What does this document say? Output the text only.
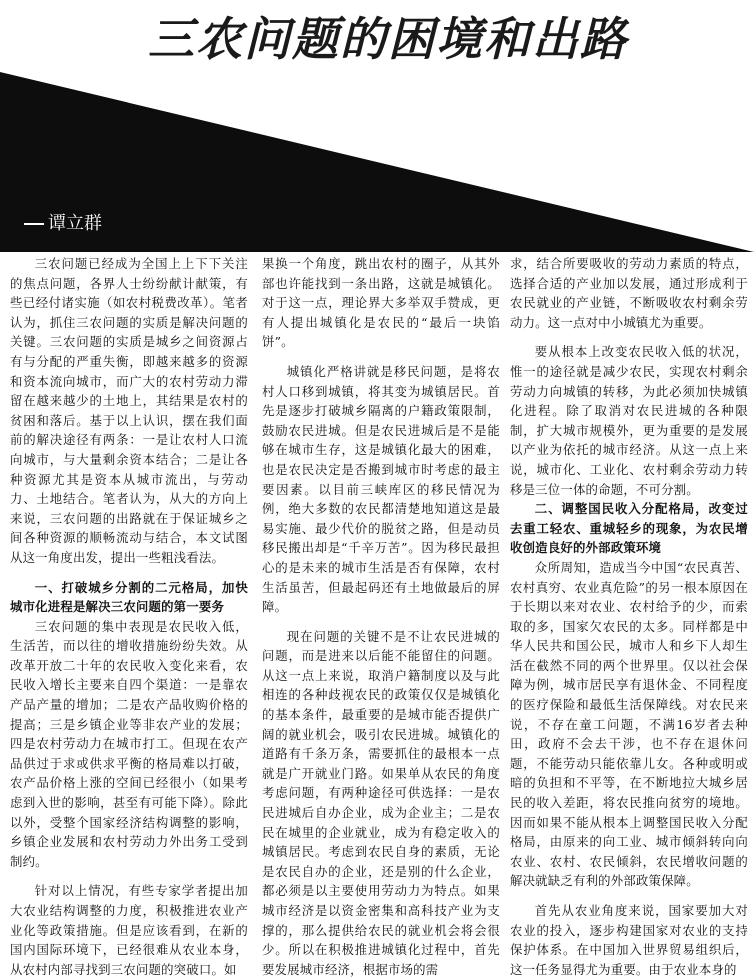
三农问题的困境和出路
谭立群

三农问题已经成为全国上上下下关注的焦点问题，各界人士纷纷献计献策，有些已经付诸实施（如农村税费改革）。笔者认为，抓住三农问题的实质是解决问题的关键。三农问题的实质是城乡之间资源占有与分配的严重失衡，即越来越多的资源和资本流向城市，而广大的农村劳动力滞留在越来越少的土地上，其结果是农村的贫困和落后。基于以上认识，摆在我们面前的解决途径有两条：一是让农村人口流向城市，与大量剩余资本结合；二是让各种资源尤其是资本从城市流出，与劳动力、土地结合。笔者认为，从大的方向上来说，三农问题的出路就在于保证城乡之间各种资源的顺畅流动与结合，本文试图从这一角度出发，提出一些粗浅看法。

一、打破城乡分割的二元格局，加快城市化进程是解决三农问题的第一要务

三农问题的集中表现是农民收入低，生活苦，而以往的增收措施纷纷失效。从改革开放二十年的农民收入变化来看，农民收入增长主要来自四个渠道：一是靠农产品产量的增加；二是农产品收购价格的提高；三是乡镇企业等非农产业的发展；四是农村劳动力在城市打工。但现在农产品供过于求或供求平衡的格局难以打破，农产品价格上涨的空间已经很小（如果考虑到入世的影响，甚至有可能下降）。除此以外，受整个国家经济结构调整的影响，乡镇企业发展和农村劳动力外出务工受到制约。

针对以上情况，有些专家学者提出加大农业结构调整的力度，积极推进农业产业化等政策措施。但是应该看到，在新的国内国际环境下，已经很难从农业本身，从农村内部寻找到三农问题的突破口。如

果换一个角度，跳出农村的圈子，从其外部也许能找到一条出路，这就是城镇化。对于这一点，理论界大多举双手赞成，更有人提出城镇化是农民的“最后一块馅饼”。

城镇化严格讲就是移民问题，是将农村人口移到城镇，将其变为城镇居民。首先是逐步打破城乡隔离的户籍政策限制，鼓励农民进城。但是农民进城后是不是能够在城市生存，这是城镇化最大的困难，也是农民决定是否搬到城市时考虑的最主要因素。以目前三峡库区的移民情况为例，绝大多数的农民都清楚地知道这是最易实施、最少代价的脱贫之路，但是动员移民搬出却是“千辛万苦”。因为移民最担心的是未来的城市生活是否有保障，农村生活虽苦，但最起码还有土地做最后的屏障。

现在问题的关键不是不让农民进城的问题，而是进来以后能不能留住的问题。从这一点上来说，取消户籍制度以及与此相连的各种歧视农民的政策仅仅是城镇化的基本条件，最重要的是城市能否提供广阔的就业机会，吸引农民进城。城镇化的道路有千条万条，需要抓住的最根本一点就是广开就业门路。如果单从农民的角度考虑问题，有两种途径可供选择：一是农民进城后自办企业，成为企业主；二是农民在城里的企业就业，成为有稳定收入的城镇居民。考虑到农民自身的素质，无论是农民自办的企业，还是别的什么企业，都必须是以主要使用劳动力为特点。如果城市经济是以资金密集和高科技产业为支撑的，那么提供给农民的就业机会将会很少。所以在积极推进城镇化过程中，首先要发展城市经济，根据市场的需

求，结合所要吸收的劳动力素质的特点，选择合适的产业加以发展，通过形成利于农民就业的产业链，不断吸收农村剩余劳动力。这一点对中小城镇尤为重要。

要从根本上改变农民收入低的状况，惟一的途径就是减少农民，实现农村剩余劳动力向城镇的转移，为此必须加快城镇化进程。除了取消对农民进城的各种限制，扩大城市规模外，更为重要的是发展以产业为依托的城市经济。从这一点上来说，城市化、工业化、农村剩余劳动力转移是三位一体的命题，不可分割。

二、调整国民收入分配格局，改变过去重工轻农、重城轻乡的现象，为农民增收创造良好的外部政策环境

众所周知，造成当今中国“农民真苦、农村真穷、农业真危险”的另一根本原因在于长期以来对农业、农村给予的少，而索取的多，国家欠农民的太多。同样都是中华人民共和国公民，城市人和乡下人却生活在截然不同的两个世界里。仅以社会保障为例，城市居民享有退休金、不同程度的医疗保险和最低生活保障线。对农民来说，不存在童工问题，不满16岁者去种田，政府不会去干涉，也不存在退休问题，不能劳动只能依靠儿女。各种或明或暗的负担和不平等，在不断地拉大城乡居民的收入差距，将农民推向贫穷的境地。因而如果不能从根本上调整国民收入分配格局，由原来的向工业、城市倾斜转向向农业、农村、农民倾斜，农民增收问题的解决就缺乏有利的外部政策保障。

首先从农业角度来说，国家要加大对农业的投入，逐步构建国家对农业的支持保护体系。在中国加入世界贸易组织后，这一任务显得尤为重要。由于农业本身的
